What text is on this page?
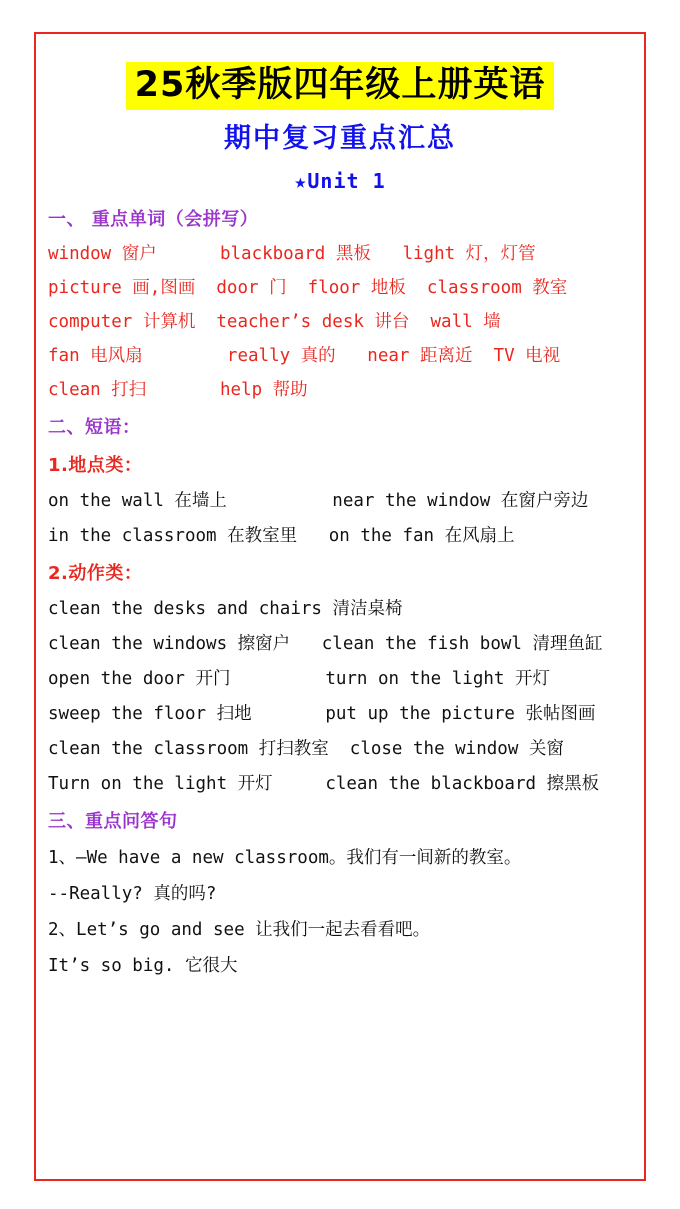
25秋季版四年级上册英语
期中复习重点汇总
★Unit 1
一、 重点单词（会拼写）
window 窗户      blackboard 黑板   light 灯，灯管
picture 画,图画  door 门  floor 地板  classroom 教室
computer 计算机  teacher’s desk 讲台  wall 墙
fan 电风扇        really 真的   near 距离近  TV 电视
clean 打扫       help 帮助
二、短语：
1.地点类：
on the wall 在墙上          near the window 在窗户旁边
in the classroom 在教室里   on the fan 在风扇上
2.动作类：
clean the desks and chairs 清洁桌椅
clean the windows 擦窗户   clean the fish bowl 清理鱼缸
open the door 开门         turn on the light 开灯
sweep the floor 扫地       put up the picture 张帖图画
clean the classroom 打扫教室  close the window 关窗
Turn on the light 开灯     clean the blackboard 擦黑板
三、重点问答句
1、—We have a new classroom。我们有一间新的教室。
--Really? 真的吗?
2、Let’s go and see 让我们一起去看看吧。
It’s so big. 它很大
